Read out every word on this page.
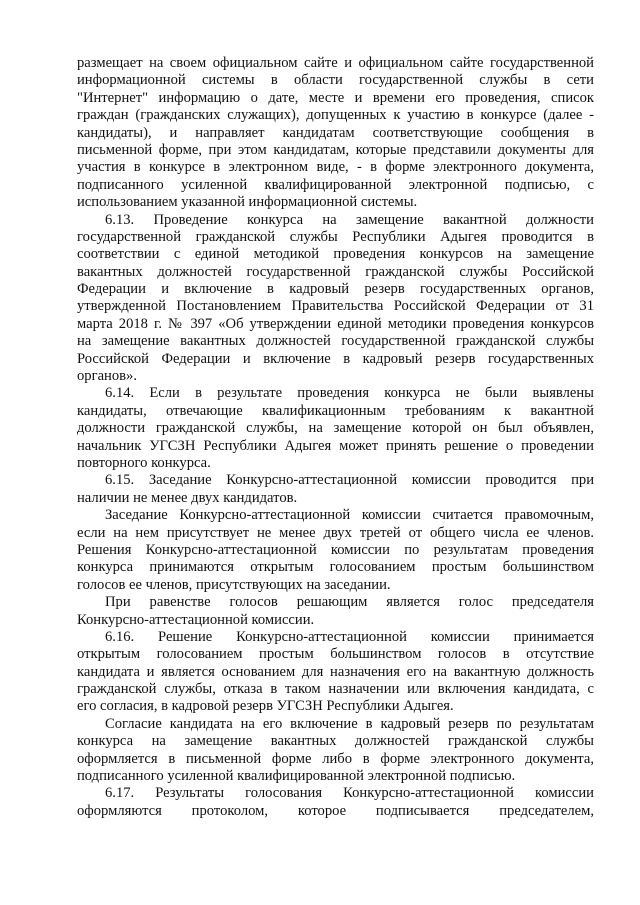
размещает на своем официальном сайте и официальном сайте государственной
информационной системы в области государственной службы в сети
"Интернет" информацию о дате, месте и времени его проведения, список
граждан (гражданских служащих), допущенных к участию в конкурсе (далее -
кандидаты), и направляет кандидатам соответствующие сообщения в
письменной форме, при этом кандидатам, которые представили документы для
участия в конкурсе в электронном виде, - в форме электронного документа,
подписанного усиленной квалифицированной электронной подписью, с
использованием указанной информационной системы.
6.13. Проведение конкурса на замещение вакантной должности
государственной гражданской службы Республики Адыгея проводится в
соответствии с единой методикой проведения конкурсов на замещение
вакантных должностей государственной гражданской службы Российской
Федерации и включение в кадровый резерв государственных органов,
утвержденной Постановлением Правительства Российской Федерации от 31
марта 2018 г. № 397 «Об утверждении единой методики проведения конкурсов
на замещение вакантных должностей государственной гражданской службы
Российской Федерации и включение в кадровый резерв государственных
органов».
6.14. Если в результате проведения конкурса не были выявлены
кандидаты, отвечающие квалификационным требованиям к вакантной
должности гражданской службы, на замещение которой он был объявлен,
начальник УГСЗН Республики Адыгея может принять решение о проведении
повторного конкурса.
6.15. Заседание Конкурсно-аттестационной комиссии проводится при
наличии не менее двух кандидатов.
Заседание Конкурсно-аттестационной комиссии считается правомочным,
если на нем присутствует не менее двух третей от общего числа ее членов.
Решения Конкурсно-аттестационной комиссии по результатам проведения
конкурса принимаются открытым голосованием простым большинством
голосов ее членов, присутствующих на заседании.
При равенстве голосов решающим является голос председателя
Конкурсно-аттестационной комиссии.
6.16. Решение Конкурсно-аттестационной комиссии принимается
открытым голосованием простым большинством голосов в отсутствие
кандидата и является основанием для назначения его на вакантную должность
гражданской службы, отказа в таком назначении или включения кандидата, с
его согласия, в кадровой резерв УГСЗН Республики Адыгея.
Согласие кандидата на его включение в кадровый резерв по результатам
конкурса на замещение вакантных должностей гражданской службы
оформляется в письменной форме либо в форме электронного документа,
подписанного усиленной квалифицированной электронной подписью.
6.17. Результаты голосования Конкурсно-аттестационной комиссии
оформляются протоколом, которое подписывается председателем,
